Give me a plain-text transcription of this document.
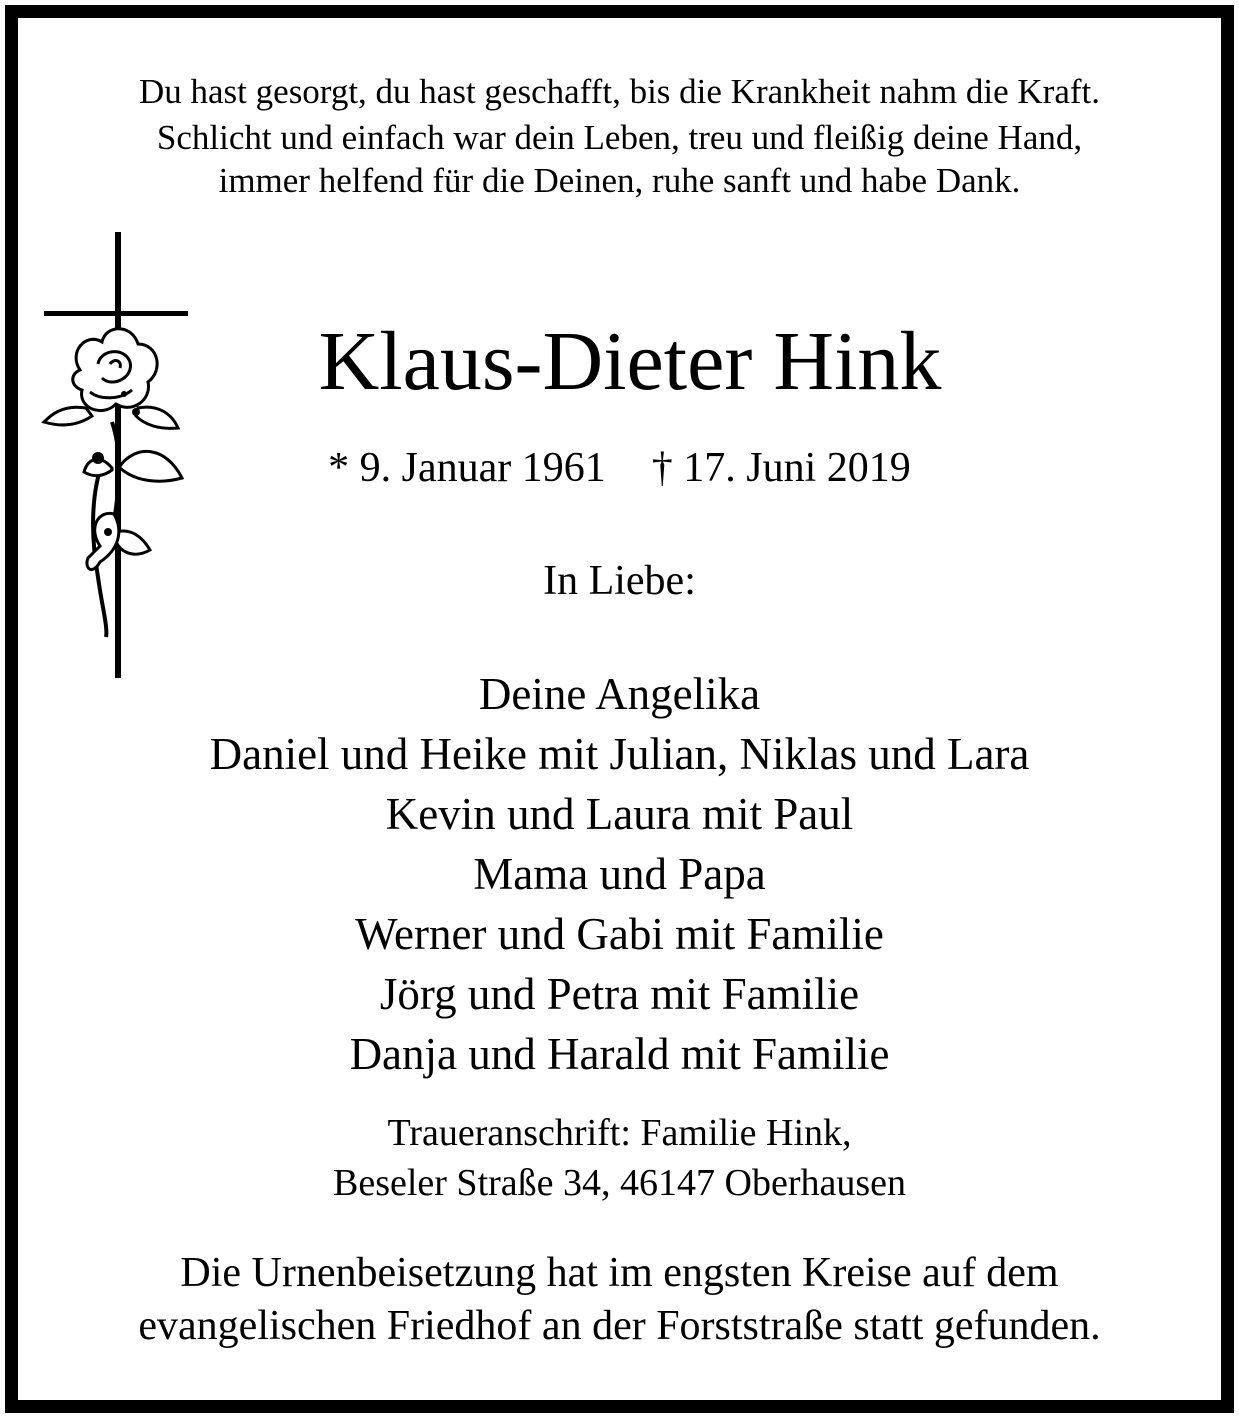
Du hast gesorgt, du hast geschafft, bis die Krankheit nahm die Kraft.

Schlicht und einfach war dein Leben, treu und fleißig deine Hand,

immer helfend für die Deinen, ruhe sanft und habe Dank.

Klaus-Dieter Hink

* 9. Januar 1961 † 17. Juni 2019

In Liebe:

Deine Angelika

Daniel und Heike mit Julian, Niklas und Lara

Kevin und Laura mit Paul

Mama und Papa

Werner und Gabi mit Familie

Jörg und Petra mit Familie

Danja und Harald mit Familie

Traueranschrift: Familie Hink,

Beseler Straße 34, 46147 Oberhausen

Die Urnenbeisetzung hat im engsten Kreise auf dem

evangelischen Friedhof an der Forststraße statt gefunden.
